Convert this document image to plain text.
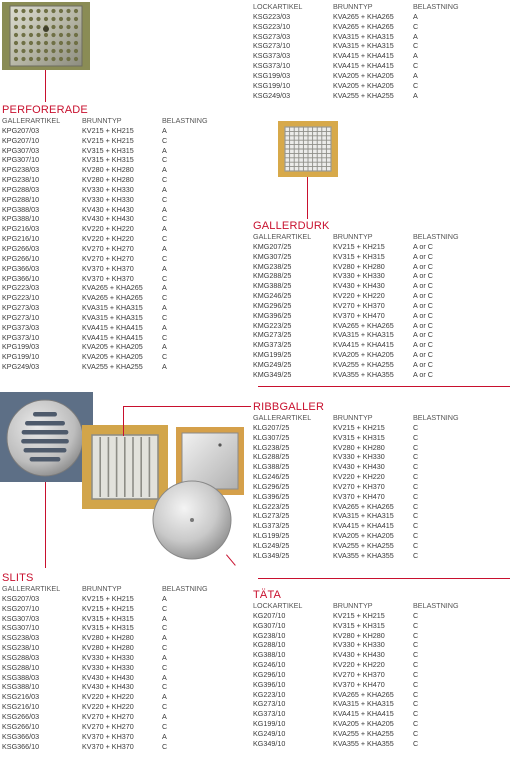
PERFORERADE
GALLERDURK
RIBBGALLER
SLITS
TÄTA
LOCKARTIKEL	BRUNNTYP	BELASTNING
KSG223/03	KVA265 + KHA265	A
KSG223/10	KVA265 + KHA265	C
KSG273/03	KVA315 + KHA315	A
KSG273/10	KVA315 + KHA315	C
KSG373/03	KVA415 + KHA415	A
KSG373/10	KVA415 + KHA415	C
KSG199/03	KVA205 + KHA205	A
KSG199/10	KVA205 + KHA205	C
KSG249/03	KVA255 + KHA255	A
GALLERARTIKEL	BRUNNTYP	BELASTNING
KPG207/03	KV215 + KH215	A
KPG207/10	KV215 + KH215	C
KPG307/03	KV315 + KH315	A
KPG307/10	KV315 + KH315	C
KPG238/03	KV280 + KH280	A
KPG238/10	KV280 + KH280	C
KPG288/03	KV330 + KH330	A
KPG288/10	KV330 + KH330	C
KPG388/03	KV430 + KH430	A
KPG388/10	KV430 + KH430	C
KPG216/03	KV220 + KH220	A
KPG216/10	KV220 + KH220	C
KPG266/03	KV270 + KH270	A
KPG266/10	KV270 + KH270	C
KPG366/03	KV370 + KH370	A
KPG366/10	KV370 + KH370	C
KPG223/03	KVA265 + KHA265	A
KPG223/10	KVA265 + KHA265	C
KPG273/03	KVA315 + KHA315	A
KPG273/10	KVA315 + KHA315	C
KPG373/03	KVA415 + KHA415	A
KPG373/10	KVA415 + KHA415	C
KPG199/03	KVA205 + KHA205	A
KPG199/10	KVA205 + KHA205	C
KPG249/03	KVA255 + KHA255	A
GALLERARTIKEL	BRUNNTYP	BELASTNING
KMG207/25	KV215 + KH215	A or C
KMG307/25	KV315 + KH315	A or C
KMG238/25	KV280 + KH280	A or C
KMG288/25	KV330 + KH330	A or C
KMG388/25	KV430 + KH430	A or C
KMG246/25	KV220 + KH220	A or C
KMG296/25	KV270 + KH370	A or C
KMG396/25	KV370 + KH470	A or C
KMG223/25	KVA265 + KHA265	A or C
KMG273/25	KVA315 + KHA315	A or C
KMG373/25	KVA415 + KHA415	A or C
KMG199/25	KVA205 + KHA205	A or C
KMG249/25	KVA255 + KHA255	A or C
KMG349/25	KVA355 + KHA355	A or C
GALLERARTIKEL	BRUNNTYP	BELASTNING
KLG207/25	KV215 + KH215	C
KLG307/25	KV315 + KH315	C
KLG238/25	KV280 + KH280	C
KLG288/25	KV330 + KH330	C
KLG388/25	KV430 + KH430	C
KLG246/25	KV220 + KH220	C
KLG296/25	KV270 + KH370	C
KLG396/25	KV370 + KH470	C
KLG223/25	KVA265 + KHA265	C
KLG273/25	KVA315 + KHA315	C
KLG373/25	KVA415 + KHA415	C
KLG199/25	KVA205 + KHA205	C
KLG249/25	KVA255 + KHA255	C
KLG349/25	KVA355 + KHA355	C
GALLERARTIKEL	BRUNNTYP	BELASTNING
KSG207/03	KV215 + KH215	A
KSG207/10	KV215 + KH215	C
KSG307/03	KV315 + KH315	A
KSG307/10	KV315 + KH315	C
KSG238/03	KV280 + KH280	A
KSG238/10	KV280 + KH280	C
KSG288/03	KV330 + KH330	A
KSG288/10	KV330 + KH330	C
KSG388/03	KV430 + KH430	A
KSG388/10	KV430 + KH430	C
KSG216/03	KV220 + KH220	A
KSG216/10	KV220 + KH220	C
KSG266/03	KV270 + KH270	A
KSG266/10	KV270 + KH270	C
KSG366/03	KV370 + KH370	A
KSG366/10	KV370 + KH370	C
LOCKARTIKEL	BRUNNTYP	BELASTNING
KG207/10	KV215 + KH215	C
KG307/10	KV315 + KH315	C
KG238/10	KV280 + KH280	C
KG288/10	KV330 + KH330	C
KG388/10	KV430 + KH430	C
KG246/10	KV220 + KH220	C
KG296/10	KV270 + KH370	C
KG396/10	KV370 + KH470	C
KG223/10	KVA265 + KHA265	C
KG273/10	KVA315 + KHA315	C
KG373/10	KVA415 + KHA415	C
KG199/10	KVA205 + KHA205	C
KG249/10	KVA255 + KHA255	C
KG349/10	KVA355 + KHA355	C
